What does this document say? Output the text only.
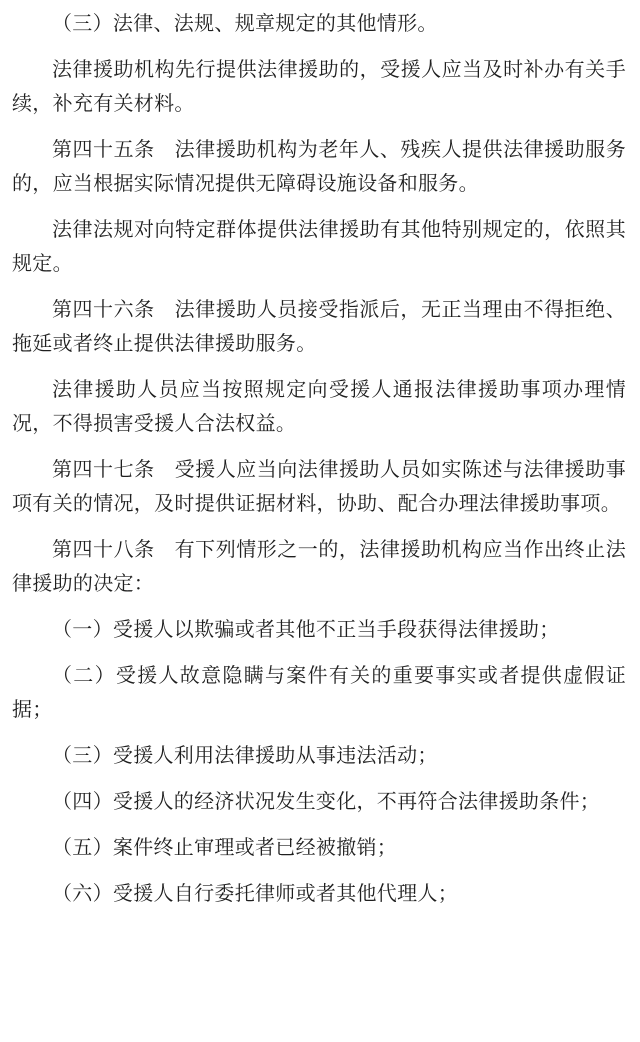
（三）法律、法规、规章规定的其他情形。

法律援助机构先行提供法律援助的，受援人应当及时补办有关手续，补充有关材料。

第四十五条 法律援助机构为老年人、残疾人提供法律援助服务的，应当根据实际情况提供无障碍设施设备和服务。

法律法规对向特定群体提供法律援助有其他特别规定的，依照其规定。

第四十六条 法律援助人员接受指派后，无正当理由不得拒绝、拖延或者终止提供法律援助服务。

法律援助人员应当按照规定向受援人通报法律援助事项办理情况，不得损害受援人合法权益。

第四十七条 受援人应当向法律援助人员如实陈述与法律援助事项有关的情况，及时提供证据材料，协助、配合办理法律援助事项。

第四十八条 有下列情形之一的，法律援助机构应当作出终止法律援助的决定：

（一）受援人以欺骗或者其他不正当手段获得法律援助；

（二）受援人故意隐瞒与案件有关的重要事实或者提供虚假证据；

（三）受援人利用法律援助从事违法活动；

（四）受援人的经济状况发生变化，不再符合法律援助条件；

（五）案件终止审理或者已经被撤销；

（六）受援人自行委托律师或者其他代理人；
